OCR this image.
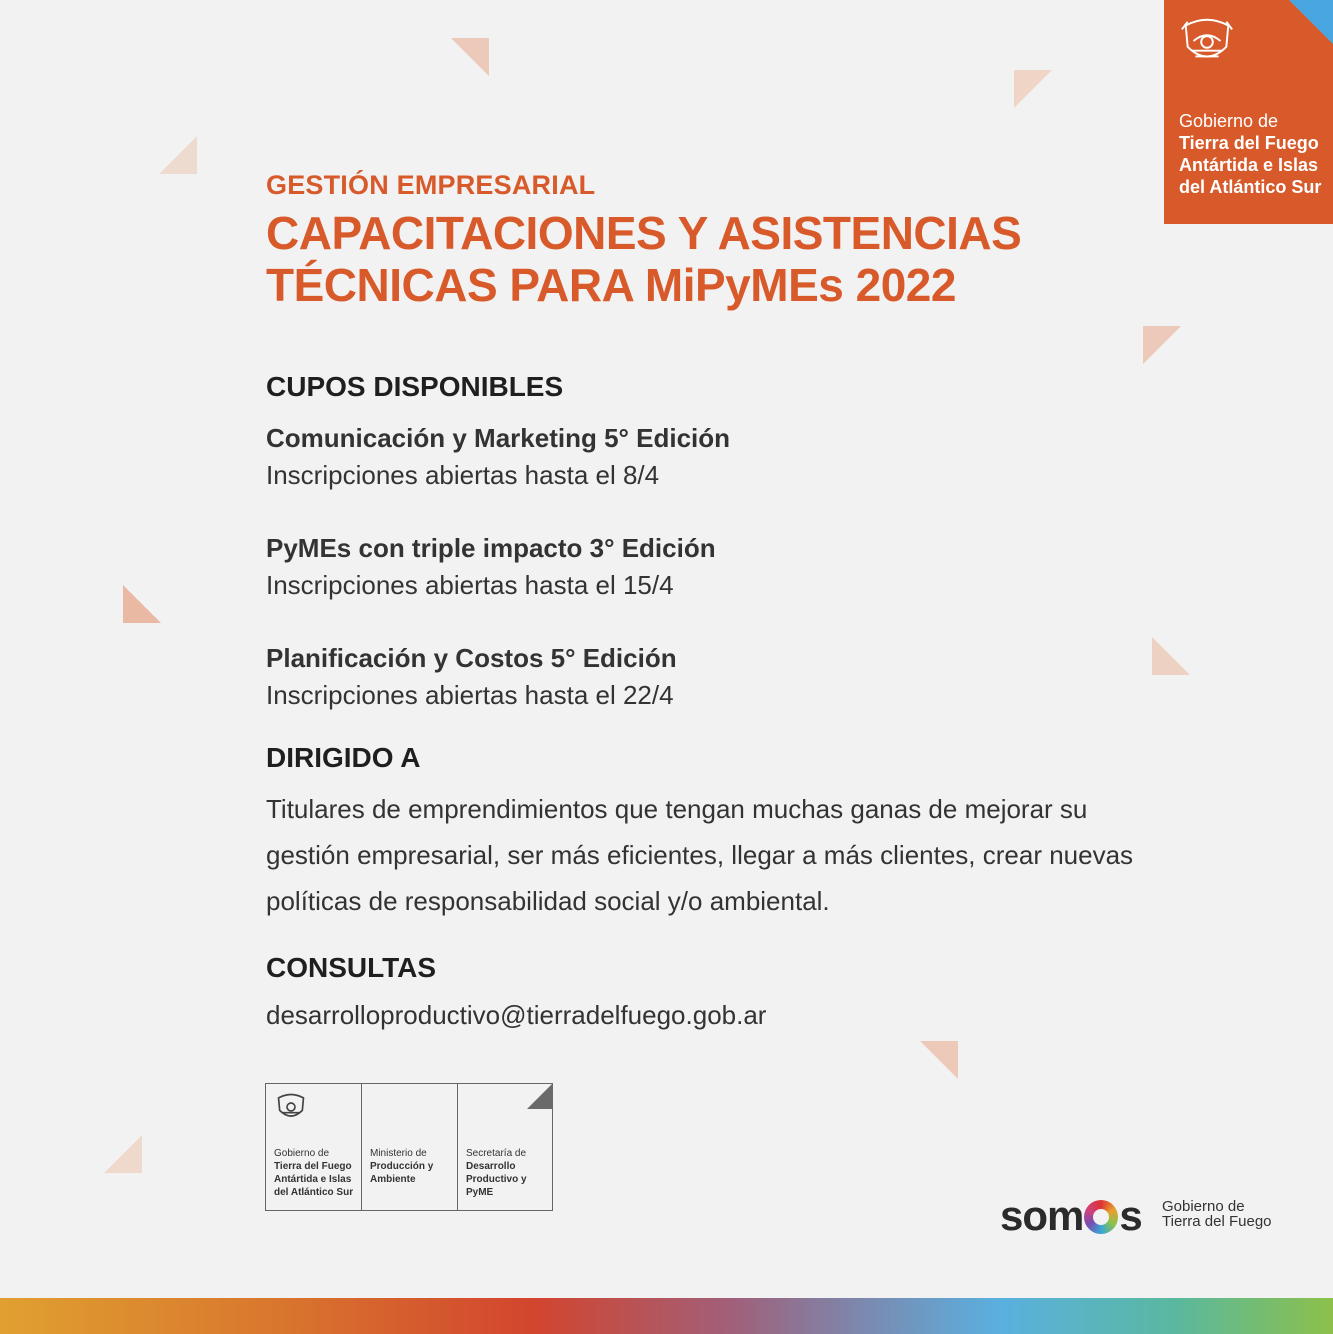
Gobierno de
Tierra del Fuego
Antártida e Islas
del Atlántico Sur

GESTIÓN EMPRESARIAL

CAPACITACIONES Y ASISTENCIAS
TÉCNICAS PARA MiPyMEs 2022

CUPOS DISPONIBLES
Comunicación y Marketing 5° Edición
Inscripciones abiertas hasta el 8/4
PyMEs con triple impacto 3° Edición
Inscripciones abiertas hasta el 15/4
Planificación y Costos 5° Edición
Inscripciones abiertas hasta el 22/4
DIRIGIDO A
Titulares de emprendimientos que tengan muchas ganas de mejorar su
gestión empresarial, ser más eficientes, llegar a más clientes, crear nuevas
políticas de responsabilidad social y/o ambiental.
CONSULTAS
desarrolloproductivo@tierradelfuego.gob.ar
Gobierno de
Tierra del Fuego
Antártida e Islas
del Atlántico Sur
Ministerio de
Producción y
Ambiente
Secretaría de
Desarrollo
Productivo y
PyME	som s Gobierno de
Tierra del Fuego
